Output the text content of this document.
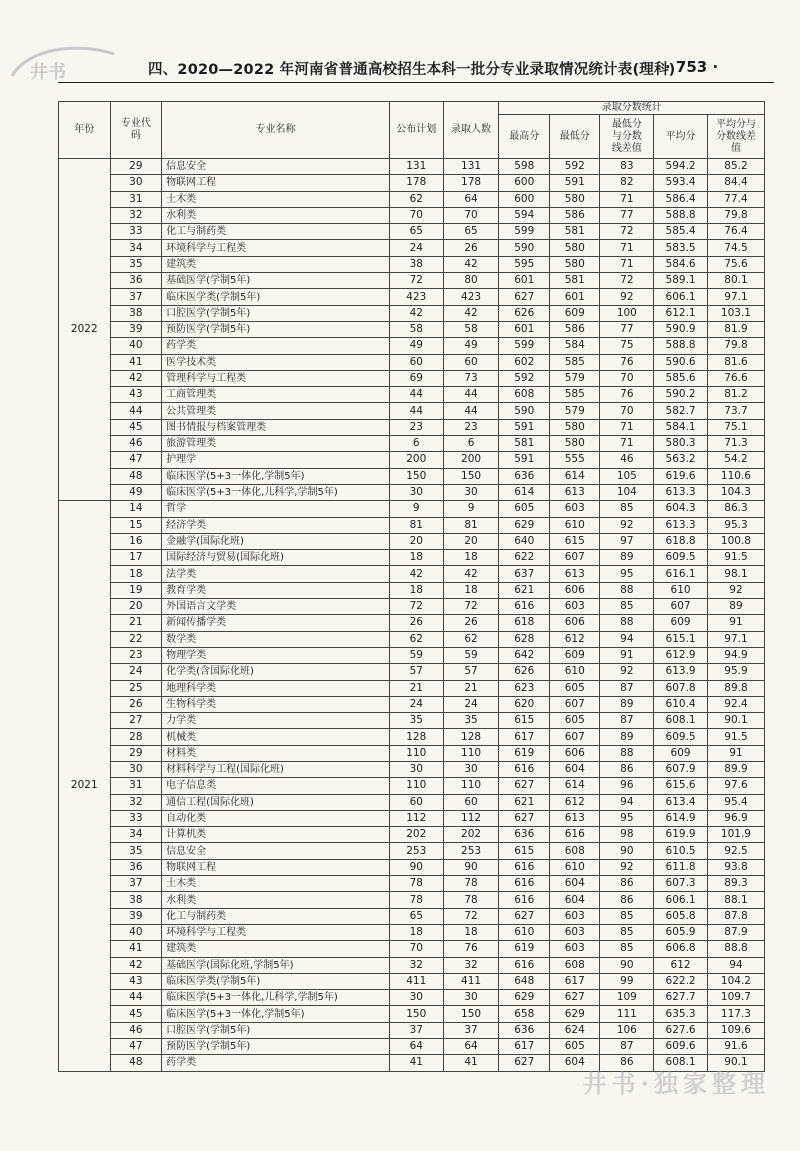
井书	四、2020—2022 年河南省普通高校招生本科一批分专业录取情况统计表(理科)
· 753 ·
年份	专业代码	专业名称	公布计划	录取人数	录取分数统计				
					最高分	最低分	最低分与分数线差值	平均分	平均分与分数线差值
2022	29	信息安全	131	131	598	592	83	594.2	85.2
	30	物联网工程	178	178	600	591	82	593.4	84.4
	31	土木类	62	64	600	580	71	586.4	77.4
	32	水利类	70	70	594	586	77	588.8	79.8
	33	化工与制药类	65	65	599	581	72	585.4	76.4
	34	环境科学与工程类	24	26	590	580	71	583.5	74.5
	35	建筑类	38	42	595	580	71	584.6	75.6
	36	基础医学(学制5年)	72	80	601	581	72	589.1	80.1
	37	临床医学类(学制5年)	423	423	627	601	92	606.1	97.1
	38	口腔医学(学制5年)	42	42	626	609	100	612.1	103.1
	39	预防医学(学制5年)	58	58	601	586	77	590.9	81.9
	40	药学类	49	49	599	584	75	588.8	79.8
	41	医学技术类	60	60	602	585	76	590.6	81.6
	42	管理科学与工程类	69	73	592	579	70	585.6	76.6
	43	工商管理类	44	44	608	585	76	590.2	81.2
	44	公共管理类	44	44	590	579	70	582.7	73.7
	45	图书情报与档案管理类	23	23	591	580	71	584.1	75.1
	46	旅游管理类	6	6	581	580	71	580.3	71.3
	47	护理学	200	200	591	555	46	563.2	54.2
	48	临床医学(5+3一体化,学制5年)	150	150	636	614	105	619.6	110.6
	49	临床医学(5+3一体化,儿科学,学制5年)	30	30	614	613	104	613.3	104.3
2021	14	哲学	9	9	605	603	85	604.3	86.3
	15	经济学类	81	81	629	610	92	613.3	95.3
	16	金融学(国际化班)	20	20	640	615	97	618.8	100.8
	17	国际经济与贸易(国际化班)	18	18	622	607	89	609.5	91.5
	18	法学类	42	42	637	613	95	616.1	98.1
	19	教育学类	18	18	621	606	88	610	92
	20	外国语言文学类	72	72	616	603	85	607	89
	21	新闻传播学类	26	26	618	606	88	609	91
	22	数学类	62	62	628	612	94	615.1	97.1
	23	物理学类	59	59	642	609	91	612.9	94.9
	24	化学类(含国际化班)	57	57	626	610	92	613.9	95.9
	25	地理科学类	21	21	623	605	87	607.8	89.8
	26	生物科学类	24	24	620	607	89	610.4	92.4
	27	力学类	35	35	615	605	87	608.1	90.1
	28	机械类	128	128	617	607	89	609.5	91.5
	29	材料类	110	110	619	606	88	609	91
	30	材料科学与工程(国际化班)	30	30	616	604	86	607.9	89.9
	31	电子信息类	110	110	627	614	96	615.6	97.6
	32	通信工程(国际化班)	60	60	621	612	94	613.4	95.4
	33	自动化类	112	112	627	613	95	614.9	96.9
	34	计算机类	202	202	636	616	98	619.9	101.9
	35	信息安全	253	253	615	608	90	610.5	92.5
	36	物联网工程	90	90	616	610	92	611.8	93.8
	37	土木类	78	78	616	604	86	607.3	89.3
	38	水利类	78	78	616	604	86	606.1	88.1
	39	化工与制药类	65	72	627	603	85	605.8	87.8
	40	环境科学与工程类	18	18	610	603	85	605.9	87.9
	41	建筑类	70	76	619	603	85	606.8	88.8
	42	基础医学(国际化班,学制5年)	32	32	616	608	90	612	94
	43	临床医学类(学制5年)	411	411	648	617	99	622.2	104.2
	44	临床医学(5+3一体化,儿科学,学制5年)	30	30	629	627	109	627.7	109.7
	45	临床医学(5+3一体化,学制5年)	150	150	658	629	111	635.3	117.3
	46	口腔医学(学制5年)	37	37	636	624	106	627.6	109.6
	47	预防医学(学制5年)	64	64	617	605	87	609.6	91.6
	48	药学类	41	41	627	604	86	608.1	90.1
井书·独家整理
